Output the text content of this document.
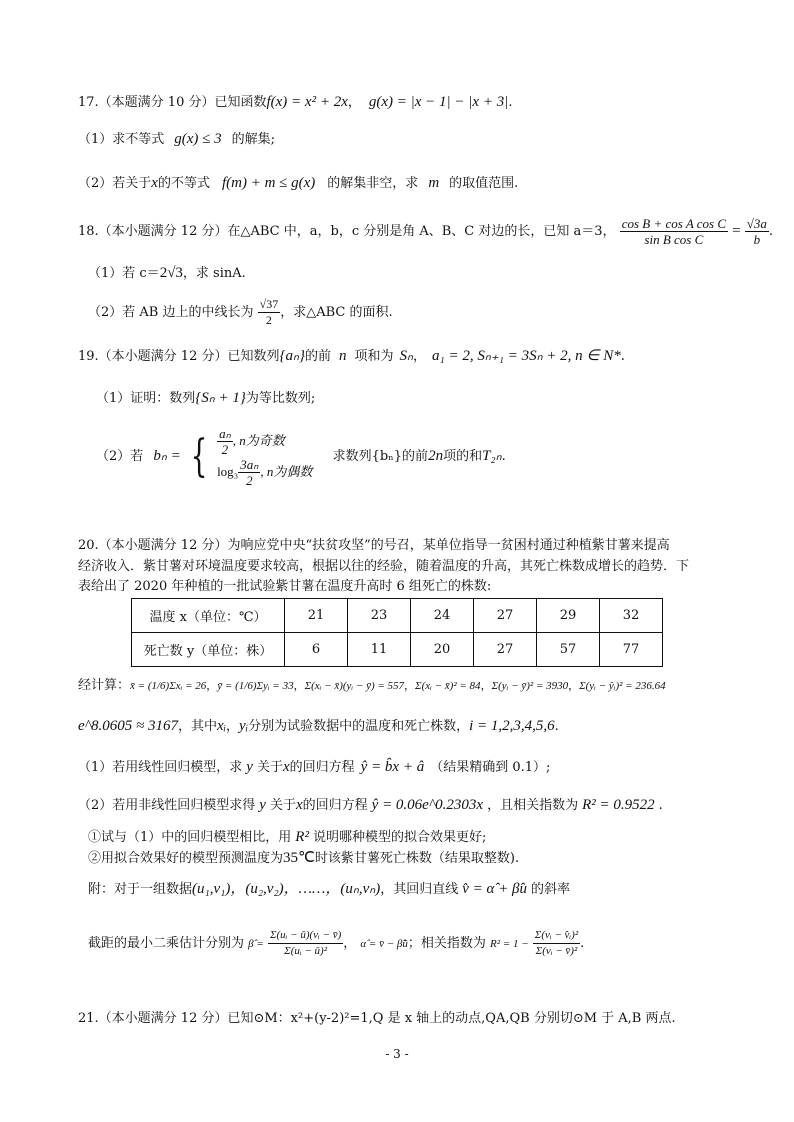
17.（本题满分 10 分）已知函数f(x) = x² + 2x， g(x) = |x − 1| − |x + 3|.
（1）求不等式 g(x) ≤ 3 的解集;
（2）若关于x的不等式 f(m) + m ≤ g(x) 的解集非空，求 m 的取值范围.
18.（本小题满分 12 分）在△ABC 中，a，b，c 分别是角 A、B、C 对边的长，已知 a＝3， $\frac{\text{cos B + cos A cos C}}{\text{sin B cos C}} = \frac{√3a}{b}$ .
（1）若 c＝2√3，求 sinA.
（2）若 AB 边上的中线长为 $\frac{√37}{2}$ ，求△ABC 的面积.
19.（本小题满分 12 分）已知数列{aₙ}的前 n 项和为 Sₙ， a₁ = 2, Sₙ₊₁ = 3Sₙ + 2, n ∈ N*.
（1）证明：数列{Sₙ + 1}为等比数列;
（2）若 bₙ = { $\frac{\text{aₙ}}{2}$ , n为奇数
$\log_3 \frac{\text{3aₙ}}{2}$ , n为偶数
求数列{bₙ}的前2n项的和T₂ₙ.
20.（本小题满分 12 分）为响应党中央“扶贫攻坚”的号召，某单位指导一贫困村通过种植紫甘薯来提高
经济收入．紫甘薯对环境温度要求较高，根据以往的经验，随着温度的升高，其死亡株数成增长的趋势．下
表给出了 2020 年种植的一批试验紫甘薯在温度升高时 6 组死亡的株数:
温度 x（单位：℃）	21	23	24	27	29	32
死亡数 y（单位：株）	6	11	20	27	57	77
经计算：x̄ = (1/6)Σxᵢ = 26，ȳ = (1/6)Σyᵢ = 33，Σ(xᵢ − x̄)(yᵢ − ȳ) = 557，Σ(xᵢ − x̄)² = 84，Σ(yᵢ − ȳ)² = 3930，Σ(yᵢ − ŷᵢ)² = 236.64
e^8.0605 ≈ 3167，其中xᵢ，yᵢ分别为试验数据中的温度和死亡株数，i = 1,2,3,4,5,6.
（1）若用线性回归模型，求 y 关于x的回归方程 ŷ = b̂x + â （结果精确到 0.1）;
（2）若用非线性回归模型求得 y 关于x的回归方程 ŷ = 0.06e^0.2303x ，且相关指数为 R² = 0.9522 .
①试与（1）中的回归模型相比，用 R² 说明哪种模型的拟合效果更好;
②用拟合效果好的模型预测温度为35℃时该紫甘薯死亡株数（结果取整数).
附：对于一组数据(u₁,v₁)，(u₂,v₂)，……，(uₙ,vₙ)，其回归直线 v̂ = α̂ + β̂u 的斜率
截距的最小二乘估计分别为 β̂ = $\frac{\text{Σ(uᵢ − ū)(vᵢ − v̄)}}{\text{Σ(uᵢ − ū)²}}$ ， α̂ = v̄ − β̂ū；相关指数为 $R^2 = 1 - \frac{\text{Σ(vᵢ − v̂ᵢ)²}}{\text{Σ(vᵢ − v̄)²}}$ .
21.（本小题满分 12 分）已知⊙M：x²+(y-2)²=1,Q 是 x 轴上的动点,QA,QB 分别切⊙M 于 A,B 两点.
- 3 -
